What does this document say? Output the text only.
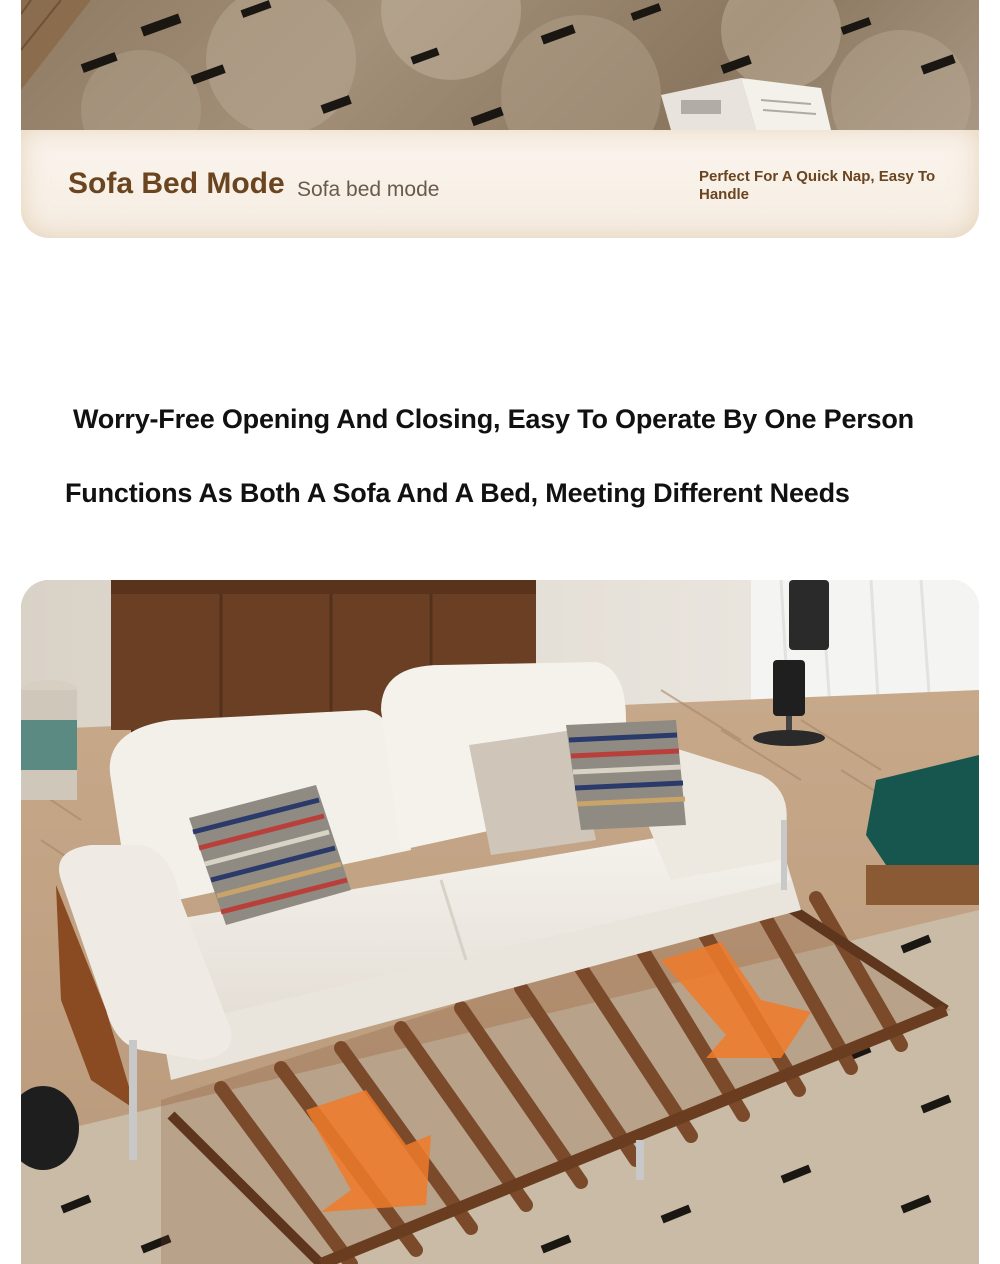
Sofa Bed Mode Sofa bed mode
Perfect For A Quick Nap, Easy To Handle
Worry-Free Opening And Closing, Easy To Operate By One Person
Functions As Both A Sofa And A Bed, Meeting Different Needs
